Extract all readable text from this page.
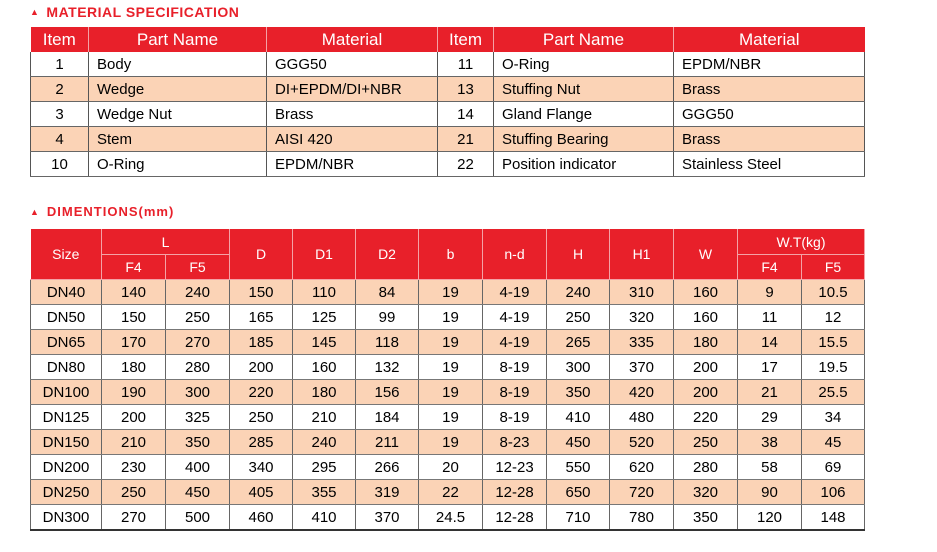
▲ MATERIAL SPECIFICATION
Item	Part Name	Material	Item	Part Name	Material
1	Body	GGG50	11	O-Ring	EPDM/NBR
2	Wedge	DI+EPDM/DI+NBR	13	Stuffing Nut	Brass
3	Wedge Nut	Brass	14	Gland Flange	GGG50
4	Stem	AISI 420	21	Stuffing Bearing	Brass
10	O-Ring	EPDM/NBR	22	Position indicator	Stainless Steel
▲ DIMENTIONS(mm)
Size	L		D	D1	D2	b	n-d	H	H1	W	W.T(kg)	
	F4	F5									F4	F5
DN40	140	240	150	110	84	19	4-19	240	310	160	9	10.5
DN50	150	250	165	125	99	19	4-19	250	320	160	11	12
DN65	170	270	185	145	118	19	4-19	265	335	180	14	15.5
DN80	180	280	200	160	132	19	8-19	300	370	200	17	19.5
DN100	190	300	220	180	156	19	8-19	350	420	200	21	25.5
DN125	200	325	250	210	184	19	8-19	410	480	220	29	34
DN150	210	350	285	240	211	19	8-23	450	520	250	38	45
DN200	230	400	340	295	266	20	12-23	550	620	280	58	69
DN250	250	450	405	355	319	22	12-28	650	720	320	90	106
DN300	270	500	460	410	370	24.5	12-28	710	780	350	120	148
